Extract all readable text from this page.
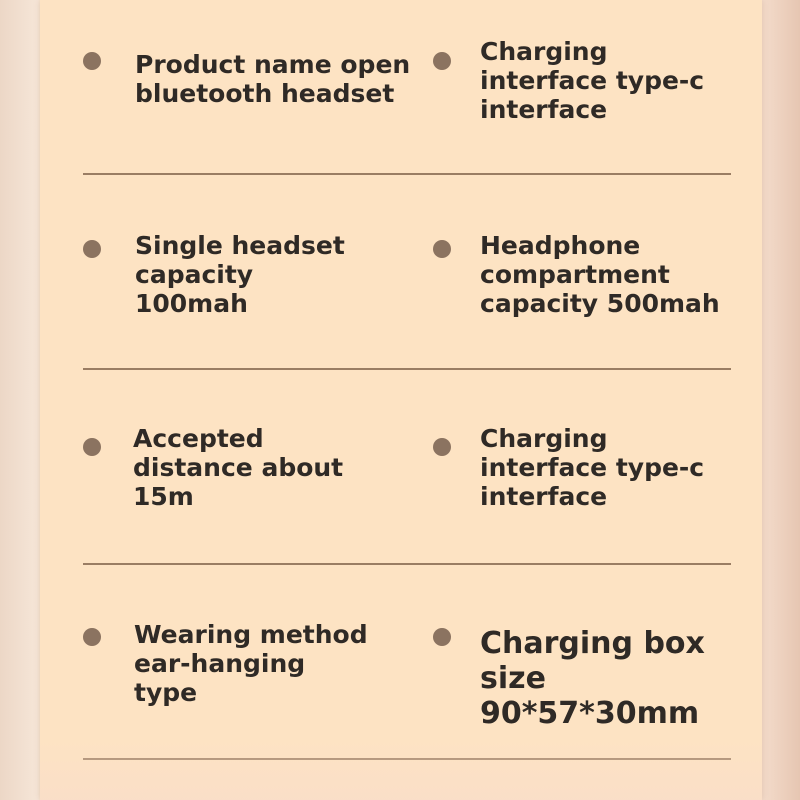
Product name open bluetooth headset
Charging interface type-c interface
Single headset capacity 100mah
Headphone compartment capacity 500mah
Accepted distance about 15m
Charging interface type-c interface
Wearing method ear-hanging type
Charging box size 90*57*30mm
